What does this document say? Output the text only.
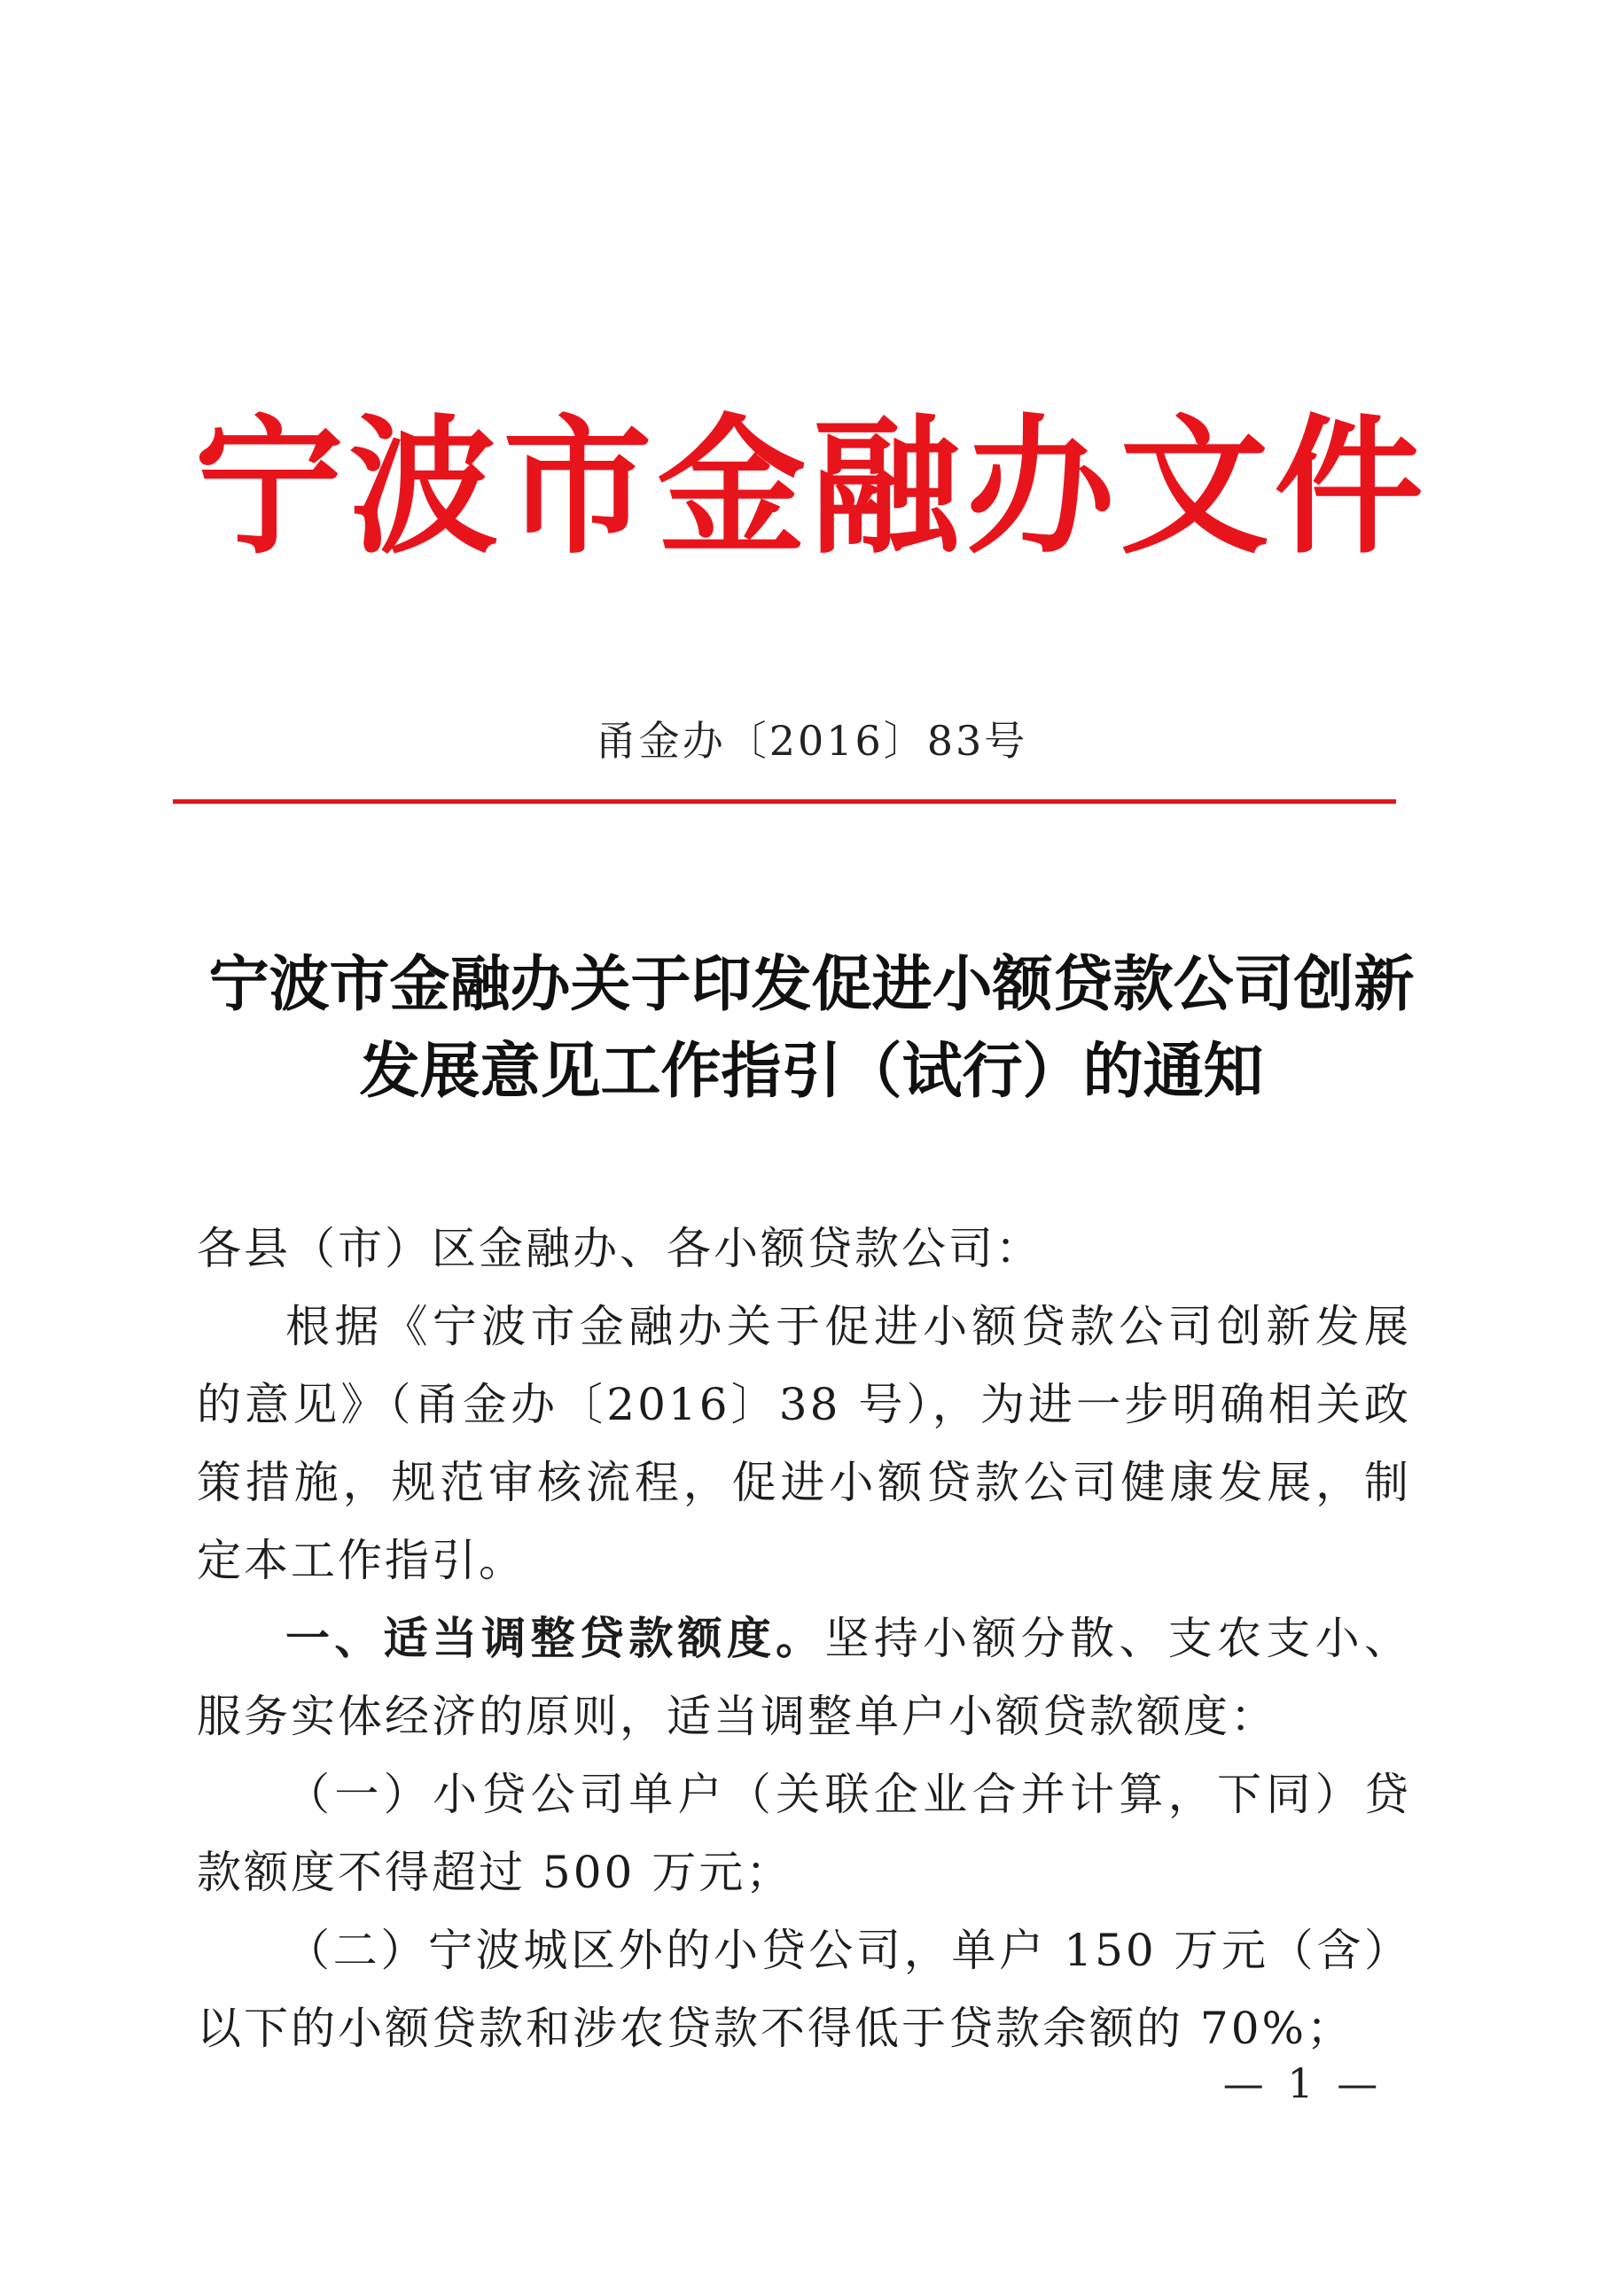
宁波市金融办文件
甬金办〔2016〕83号
宁波市金融办关于印发促进小额贷款公司创新
发展意见工作指引（试行）的通知

各县（市）区金融办、各小额贷款公司：

根据《宁波市金融办关于促进小额贷款公司创新发展的意见》（甬金办〔2016〕38 号），为进一步明确相关政策措施，规范审核流程，促进小额贷款公司健康发展，制定本工作指引。

一、适当调整贷款额度。坚持小额分散、支农支小、服务实体经济的原则，适当调整单户小额贷款额度：

（一）小贷公司单户（关联企业合并计算，下同）贷款额度不得超过 500 万元；

（二）宁波城区外的小贷公司，单户 150 万元（含）以下的小额贷款和涉农贷款不得低于贷款余额的 70%；

— 1 —
